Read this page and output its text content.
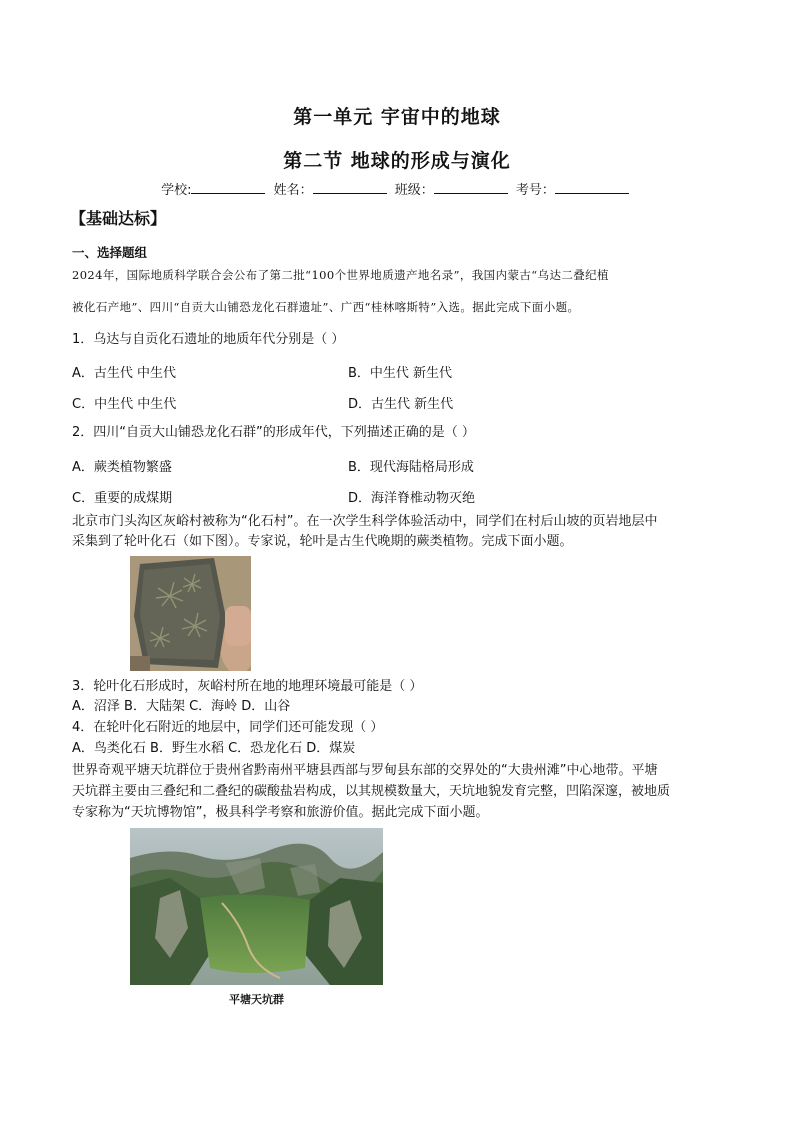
第一单元 宇宙中的地球
第二节 地球的形成与演化
学校:	姓名：	班级：	考号：
【基础达标】
一、选择题组
2024年，国际地质科学联合会公布了第二批“100个世界地质遗产地名录”，我国内蒙古“乌达二叠纪植
被化石产地”、四川“自贡大山铺恐龙化石群遗址”、广西“桂林喀斯特”入选。据此完成下面小题。
1．乌达与自贡化石遗址的地质年代分别是（ ）
A．古生代 中生代	B．中生代 新生代
C．中生代 中生代	D．古生代 新生代
2．四川“自贡大山铺恐龙化石群”的形成年代，下列描述正确的是（ ）
A．蕨类植物繁盛	B．现代海陆格局形成
C．重要的成煤期	D．海洋脊椎动物灭绝
北京市门头沟区灰峪村被称为“化石村”。在一次学生科学体验活动中，同学们在村后山坡的页岩地层中
采集到了轮叶化石（如下图）。专家说，轮叶是古生代晚期的蕨类植物。完成下面小题。
3．轮叶化石形成时，灰峪村所在地的地理环境最可能是（ ）
A．沼泽 B．大陆架 C．海岭 D．山谷
4．在轮叶化石附近的地层中，同学们还可能发现（ ）
A．鸟类化石 B．野生水稻 C．恐龙化石 D．煤炭
世界奇观平塘天坑群位于贵州省黔南州平塘县西部与罗甸县东部的交界处的“大贵州滩”中心地带。平塘
天坑群主要由三叠纪和二叠纪的碳酸盐岩构成，以其规模数量大，天坑地貌发育完整，凹陷深邃，被地质
专家称为“天坑博物馆”，极具科学考察和旅游价值。据此完成下面小题。
平塘天坑群
